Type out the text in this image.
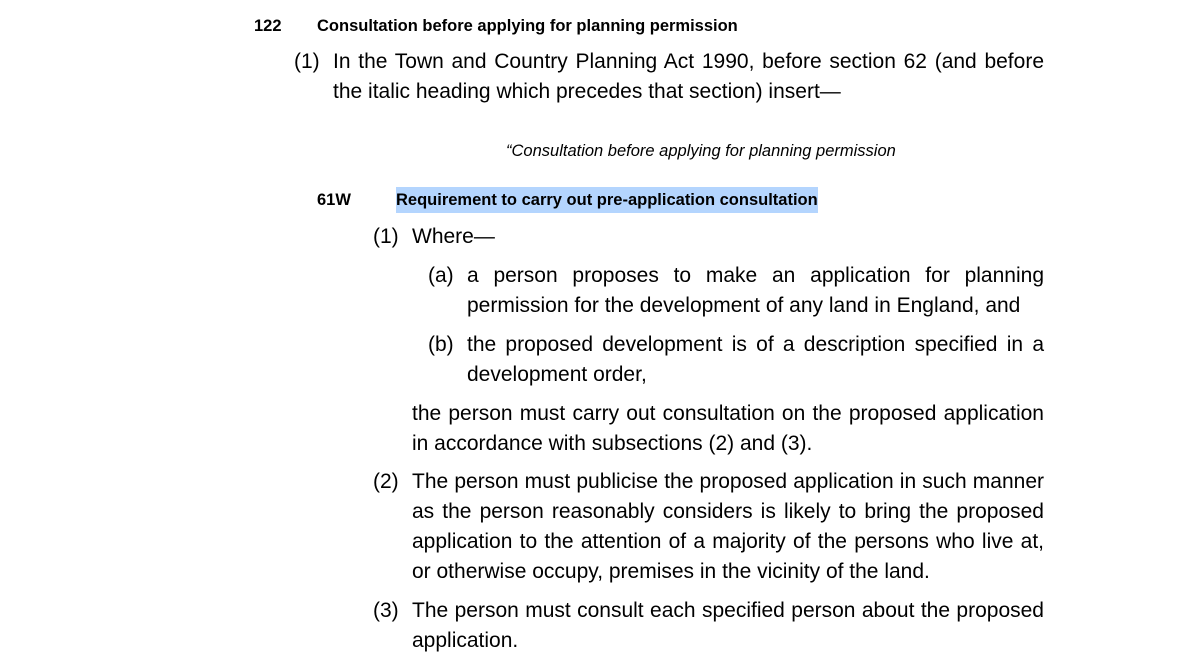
122 Consultation before applying for planning permission
(1) In the Town and Country Planning Act 1990, before section 62 (and before the italic heading which precedes that section) insert—
“Consultation before applying for planning permission
61W	Requirement to carry out pre-application consultation
(1) Where—
(a) a person proposes to make an application for planning permission for the development of any land in England, and
(b) the proposed development is of a description specified in a development order,
the person must carry out consultation on the proposed application in accordance with subsections (2) and (3).
(2) The person must publicise the proposed application in such manner as the person reasonably considers is likely to bring the proposed application to the attention of a majority of the persons who live at, or otherwise occupy, premises in the vicinity of the land.
(3) The person must consult each specified person about the proposed application.
